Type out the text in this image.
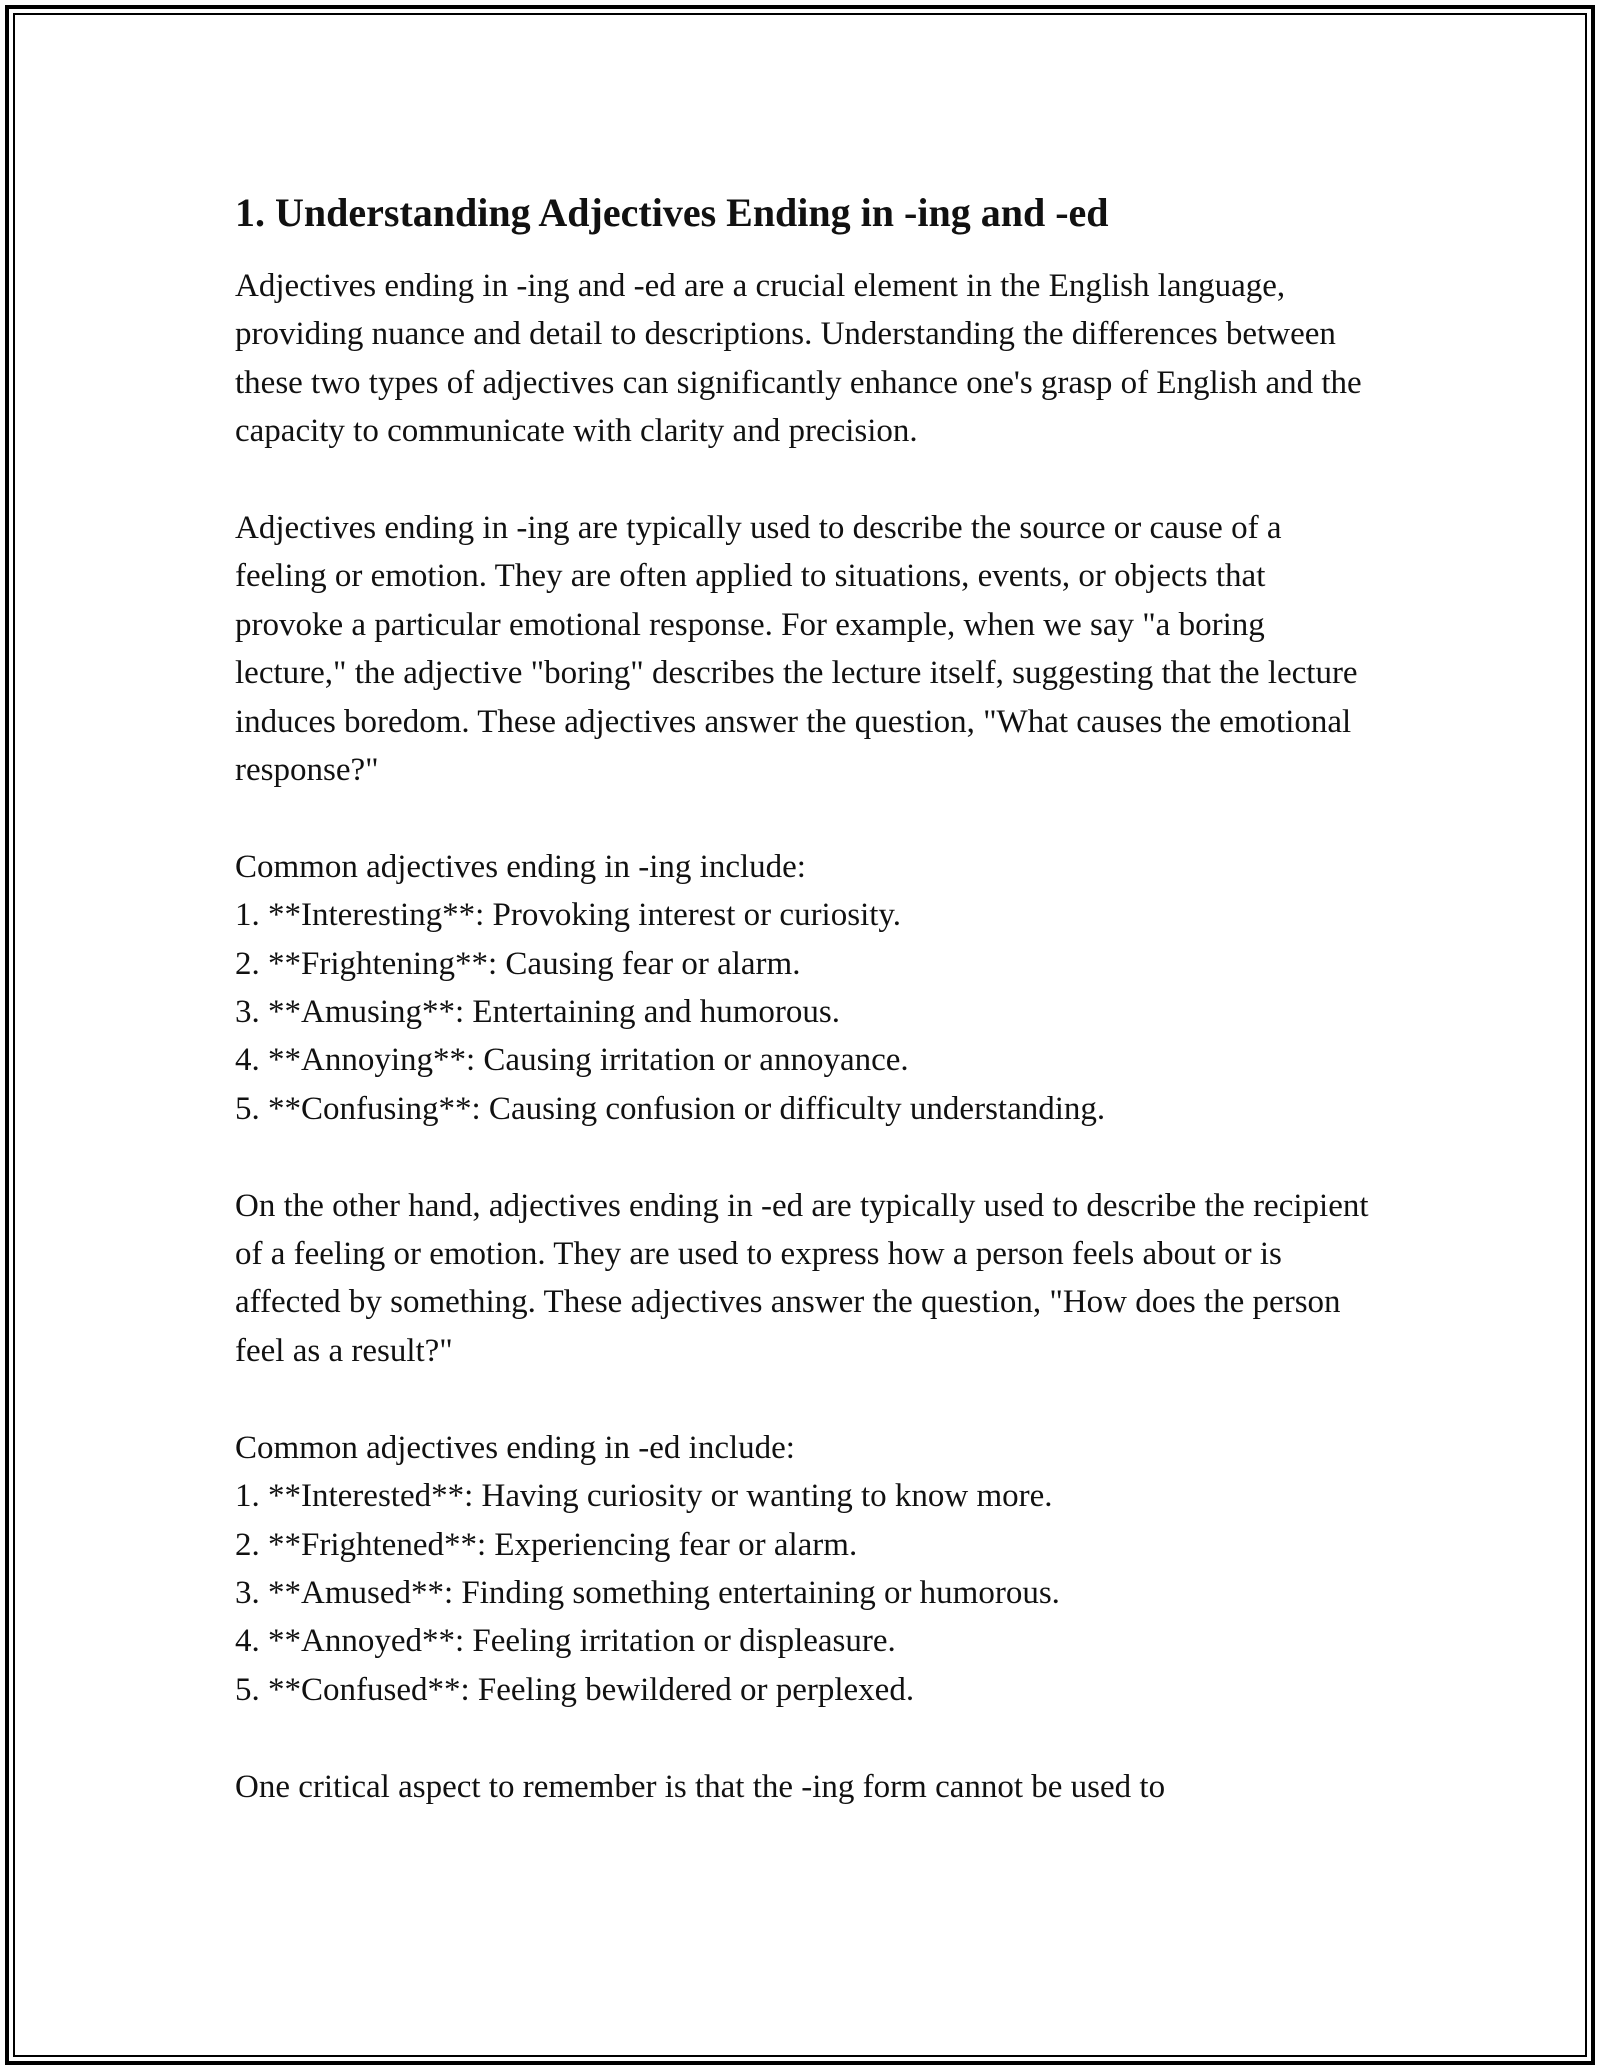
1. Understanding Adjectives Ending in -ing and -ed

Adjectives ending in -ing and -ed are a crucial element in the English language, providing nuance and detail to descriptions. Understanding the differences between these two types of adjectives can significantly enhance one's grasp of English and the capacity to communicate with clarity and precision.

Adjectives ending in -ing are typically used to describe the source or cause of a feeling or emotion. They are often applied to situations, events, or objects that provoke a particular emotional response. For example, when we say "a boring lecture," the adjective "boring" describes the lecture itself, suggesting that the lecture induces boredom. These adjectives answer the question, "What causes the emotional response?"

Common adjectives ending in -ing include:
1. **Interesting**: Provoking interest or curiosity.
2. **Frightening**: Causing fear or alarm.
3. **Amusing**: Entertaining and humorous.
4. **Annoying**: Causing irritation or annoyance.
5. **Confusing**: Causing confusion or difficulty understanding.

On the other hand, adjectives ending in -ed are typically used to describe the recipient of a feeling or emotion. They are used to express how a person feels about or is affected by something. These adjectives answer the question, "How does the person feel as a result?"

Common adjectives ending in -ed include:
1. **Interested**: Having curiosity or wanting to know more.
2. **Frightened**: Experiencing fear or alarm.
3. **Amused**: Finding something entertaining or humorous.
4. **Annoyed**: Feeling irritation or displeasure.
5. **Confused**: Feeling bewildered or perplexed.

One critical aspect to remember is that the -ing form cannot be used to
